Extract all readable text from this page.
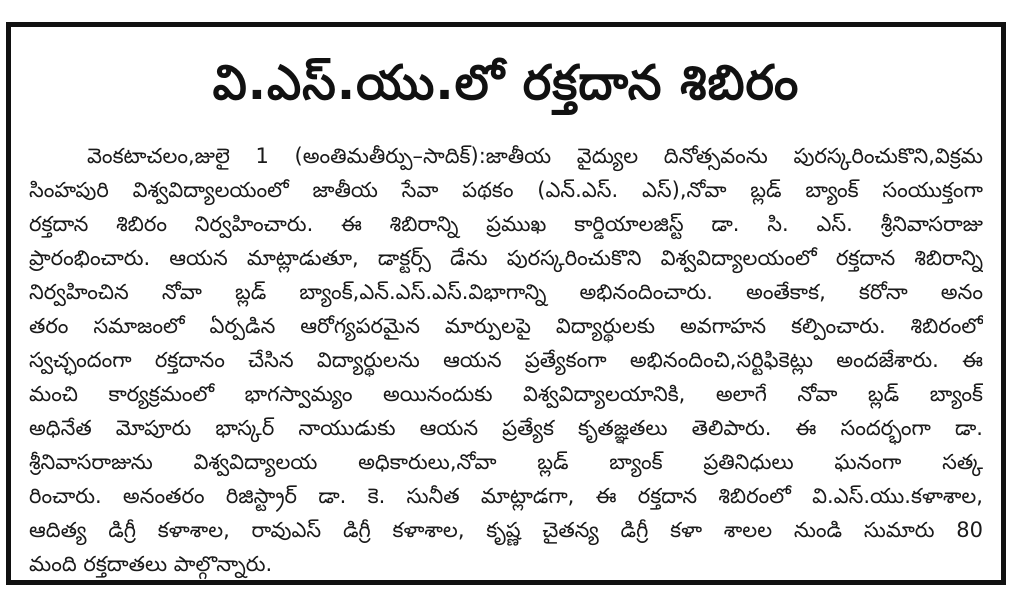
వి.ఎస్.యు.లో రక్తదాన శిబిరం
వెంకటాచలం,జులై 1 (అంతిమతీర్పు–సాదిక్):జాతీయ వైద్యుల దినోత్సవంను పురస్కరించుకొని,విక్రమ
సింహపురి విశ్వవిద్యాలయంలో జాతీయ సేవా పథకం (ఎన్.ఎస్. ఎస్),నోవా బ్లడ్ బ్యాంక్ సంయుక్తంగా
రక్తదాన శిబిరం నిర్వహించారు. ఈ శిబిరాన్ని ప్రముఖ కార్డియాలజిస్ట్ డా. సి. ఎస్. శ్రీనివాసరాజు
ప్రారంభించారు. ఆయన మాట్లాడుతూ, డాక్టర్స్ డేను పురస్కరించుకొని విశ్వవిద్యాలయంలో రక్తదాన శిబిరాన్ని
నిర్వహించిన నోవా బ్లడ్ బ్యాంక్,ఎన్.ఎస్.ఎస్.విభాగాన్ని అభినందించారు. అంతేకాక, కరోనా అనం
తరం సమాజంలో ఏర్పడిన ఆరోగ్యపరమైన మార్పులపై విద్యార్థులకు అవగాహన కల్పించారు. శిబిరంలో
స్వచ్ఛందంగా రక్తదానం చేసిన విద్యార్థులను ఆయన ప్రత్యేకంగా అభినందించి,సర్టిఫికెట్లు అందజేశారు. ఈ
మంచి కార్యక్రమంలో భాగస్వామ్యం అయినందుకు విశ్వవిద్యాలయానికి, అలాగే నోవా బ్లడ్ బ్యాంక్
అధినేత మోపూరు భాస్కర్ నాయుడుకు ఆయన ప్రత్యేక కృతజ్ఞతలు తెలిపారు. ఈ సందర్భంగా డా.
శ్రీనివాసరాజును విశ్వవిద్యాలయ అధికారులు,నోవా బ్లడ్ బ్యాంక్ ప్రతినిధులు ఘనంగా సత్క
రించారు. అనంతరం రిజిస్ట్రార్ డా. కె. సునీత మాట్లాడగా, ఈ రక్తదాన శిబిరంలో వి.ఎస్.యు.కళాశాల,
ఆదిత్య డిగ్రీ కళాశాల, రావుఎస్ డిగ్రీ కళాశాల, కృష్ణ చైతన్య డిగ్రీ కళా శాలల నుండి సుమారు 80
మంది రక్తదాతలు పాల్గొన్నారు.
